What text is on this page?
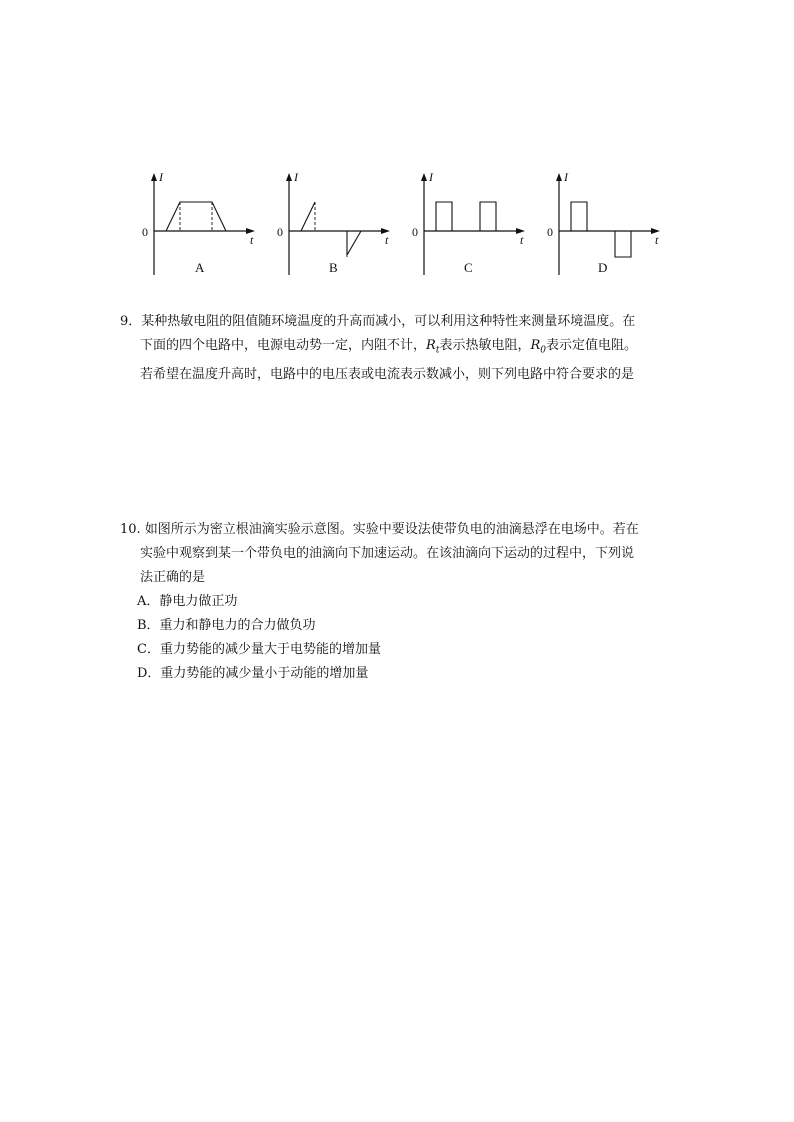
I
t
0
A
I
t
0
B
I
t
0
C
I
t
0
D
9．某种热敏电阻的阻值随环境温度的升高而减小，可以利用这种特性来测量环境温度。在
下面的四个电路中，电源电动势一定，内阻不计，$R_t$表示热敏电阻，$R_0$表示定值电阻。
若希望在温度升高时，电路中的电压表或电流表示数减小，则下列电路中符合要求的是
10. 如图所示为密立根油滴实验示意图。实验中要设法使带负电的油滴悬浮在电场中。若在
实验中观察到某一个带负电的油滴向下加速运动。在该油滴向下运动的过程中，下列说
法正确的是
A．静电力做正功
B．重力和静电力的合力做负功
C．重力势能的减少量大于电势能的增加量
D．重力势能的减少量小于动能的增加量
